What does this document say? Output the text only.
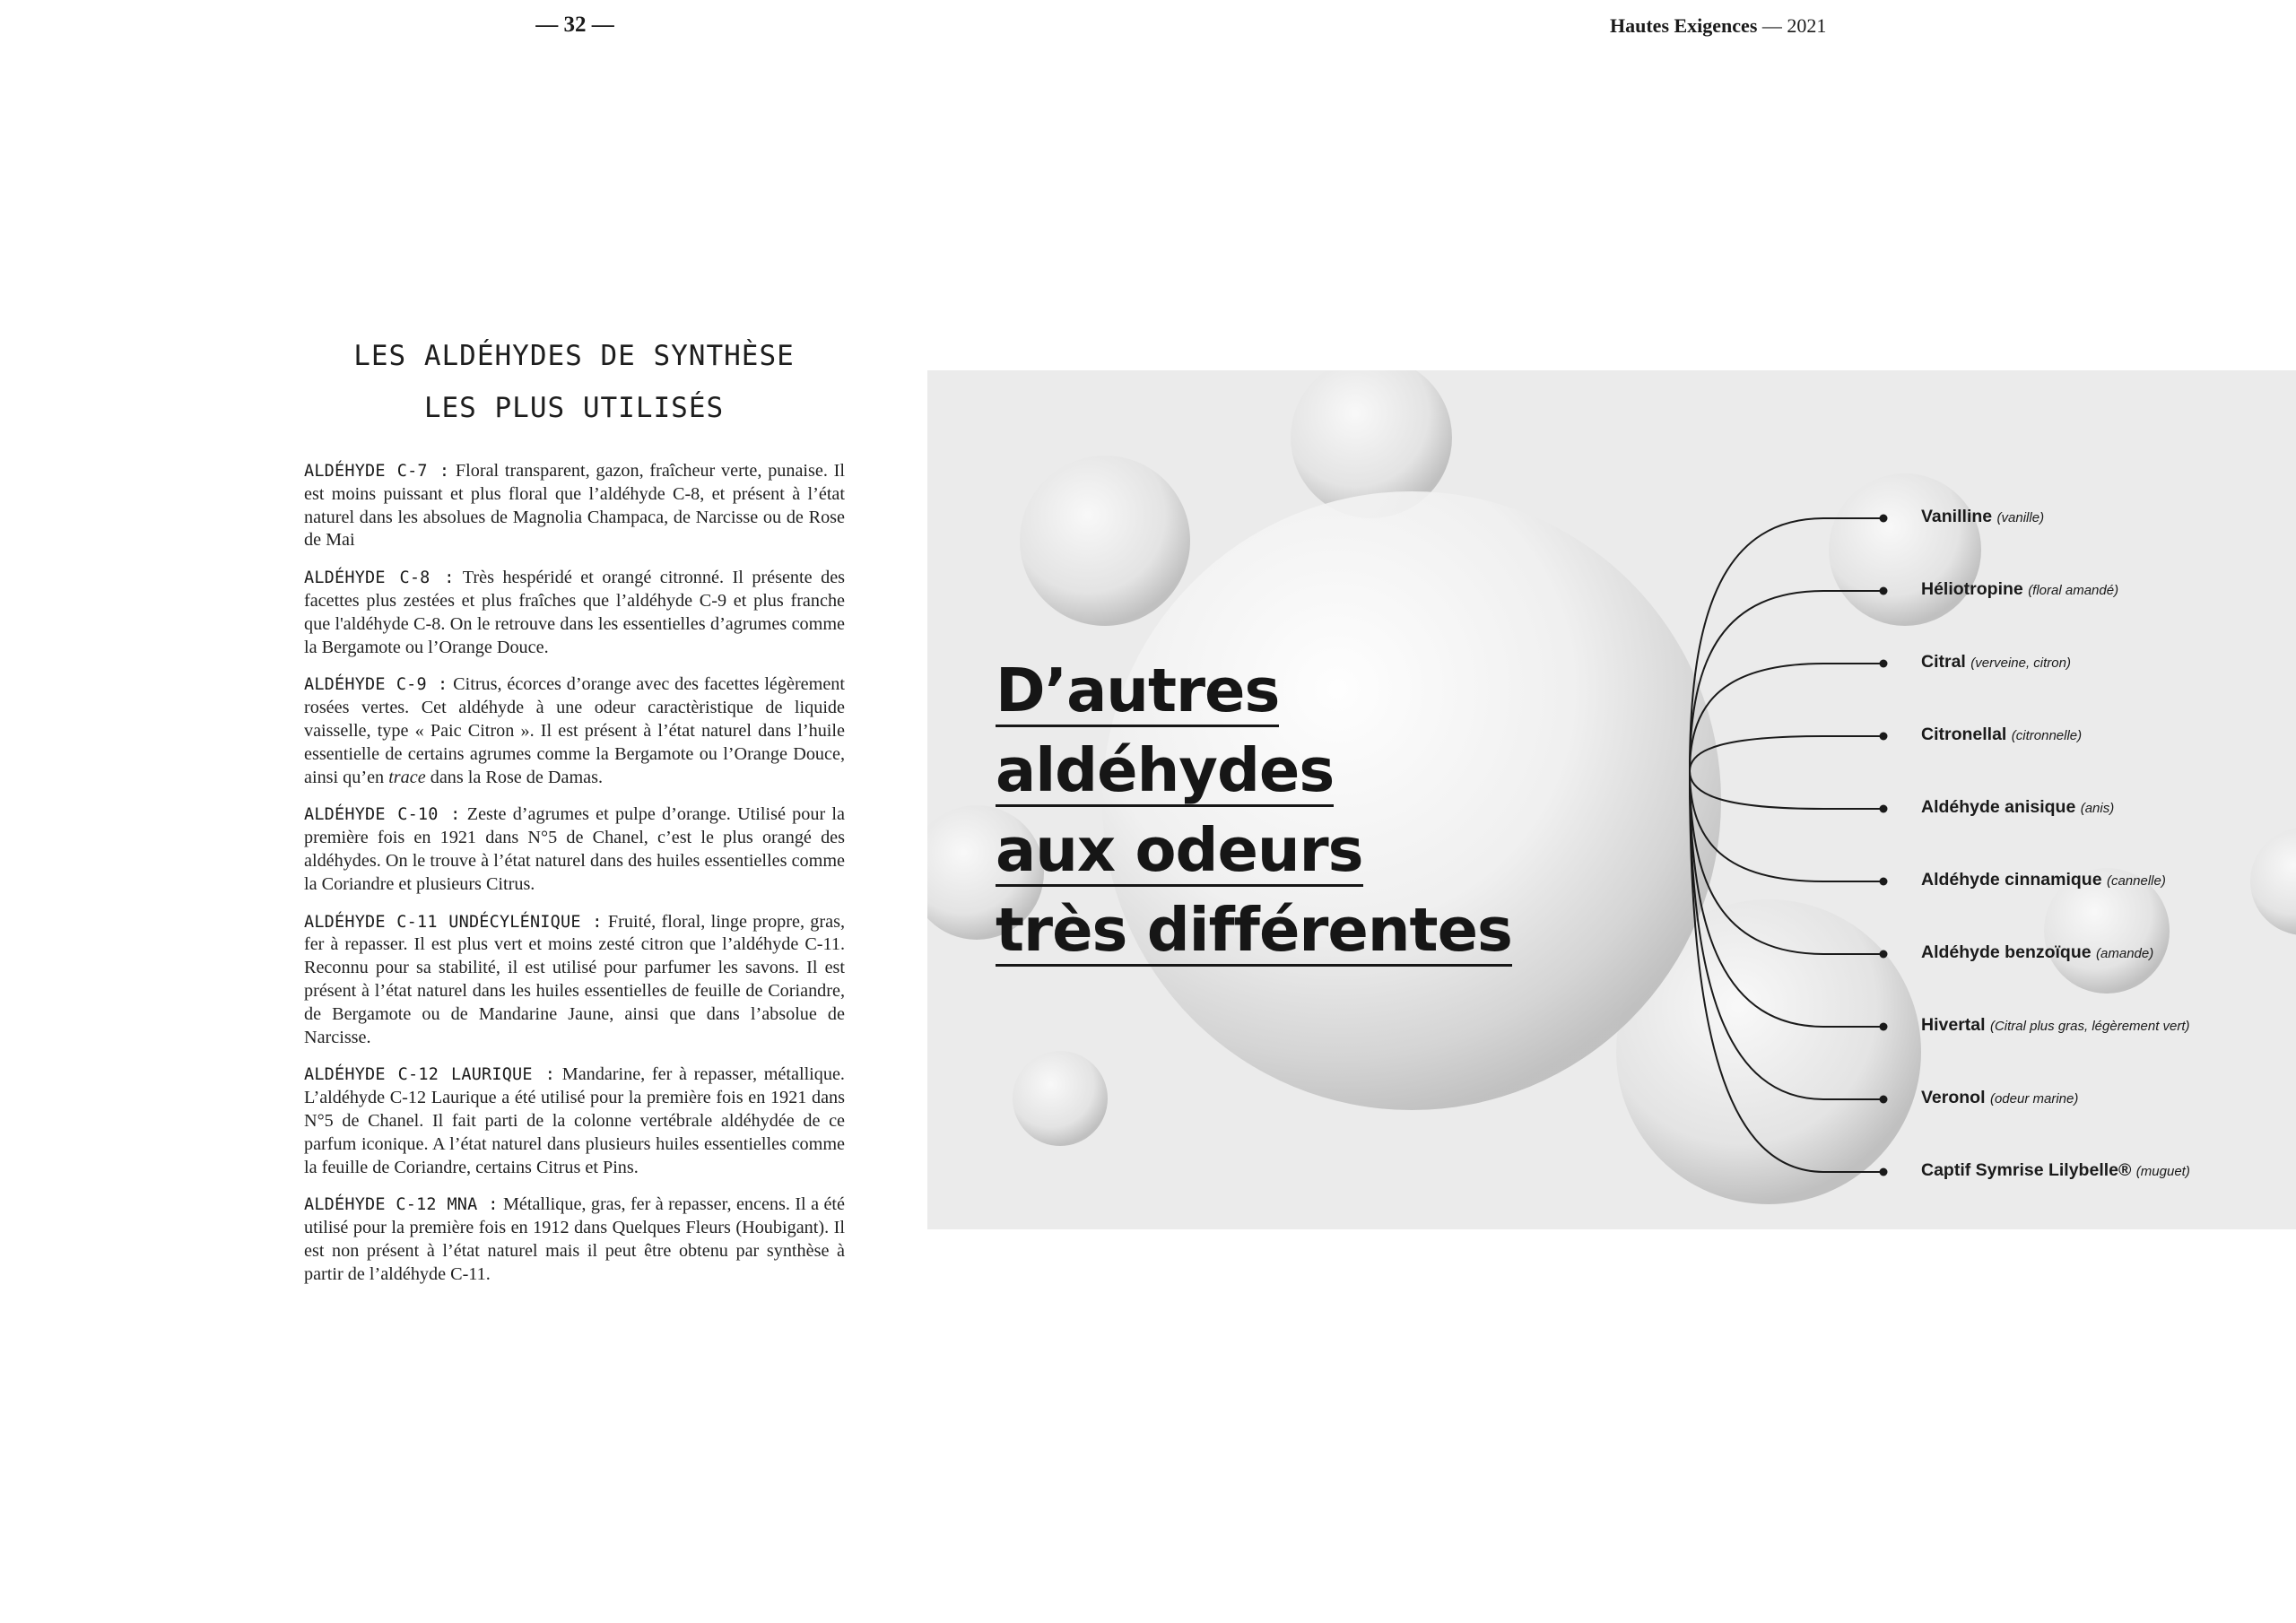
— 32 —	Hautes Exigences — 2021
LES ALDÉHYDES DE SYNTHÈSE
LES PLUS UTILISÉS

ALDÉHYDE C-7 : Floral transparent, gazon, fraîcheur verte, punaise. Il est moins puissant et plus floral que l’aldéhyde C-8, et présent à l’état naturel dans les absolues de Magnolia Champaca, de Narcisse ou de Rose de Mai

ALDÉHYDE C-8 : Très hespéridé et orangé citronné. Il présente des facettes plus zestées et plus fraîches que l’aldéhyde C-9 et plus franche que l'aldéhyde C-8. On le retrouve dans les essentielles d’agrumes comme la Bergamote ou l’Orange Douce.

ALDÉHYDE C-9 : Citrus, écorces d’orange avec des facettes légèrement rosées vertes. Cet aldéhyde à une odeur caractèristique de liquide vaisselle, type « Paic Citron ». Il est présent à l’état naturel dans l’huile essentielle de certains agrumes comme la Bergamote ou l’Orange Douce, ainsi qu’en trace dans la Rose de Damas.

ALDÉHYDE C-10 : Zeste d’agrumes et pulpe d’orange. Utilisé pour la première fois en 1921 dans N°5 de Chanel, c’est le plus orangé des aldéhydes. On le trouve à l’état naturel dans des huiles essentielles comme la Coriandre et plusieurs Citrus.

ALDÉHYDE C-11 UNDÉCYLÉNIQUE : Fruité, floral, linge propre, gras, fer à repasser. Il est plus vert et moins zesté citron que l’aldéhyde C-11. Reconnu pour sa stabilité, il est utilisé pour parfumer les savons. Il est présent à l’état naturel dans les huiles essentielles de feuille de Coriandre, de Bergamote ou de Mandarine Jaune, ainsi que dans l’absolue de Narcisse.

ALDÉHYDE C-12 LAURIQUE : Mandarine, fer à repasser, métallique. L’aldéhyde C-12 Laurique a été utilisé pour la première fois en 1921 dans N°5 de Chanel. Il fait parti de la colonne vertébrale aldéhydée de ce parfum iconique. A l’état naturel dans plusieurs huiles essentielles comme la feuille de Coriandre, certains Citrus et Pins.

ALDÉHYDE C-12 MNA : Métallique, gras, fer à repasser, encens. Il a été utilisé pour la première fois en 1912 dans Quelques Fleurs (Houbigant). Il est non présent à l’état naturel mais il peut être obtenu par synthèse à partir de l’aldéhyde C-11.

D’autres
aldéhydes
aux odeurs
très différentes
Vanilline (vanille)
Héliotropine (floral amandé)
Citral (verveine, citron)
Citronellal (citronnelle)
Aldéhyde anisique (anis)
Aldéhyde cinnamique (cannelle)
Aldéhyde benzoïque (amande)
Hivertal (Citral plus gras, légèrement vert)
Veronol (odeur marine)
Captif Symrise Lilybelle® (muguet)
